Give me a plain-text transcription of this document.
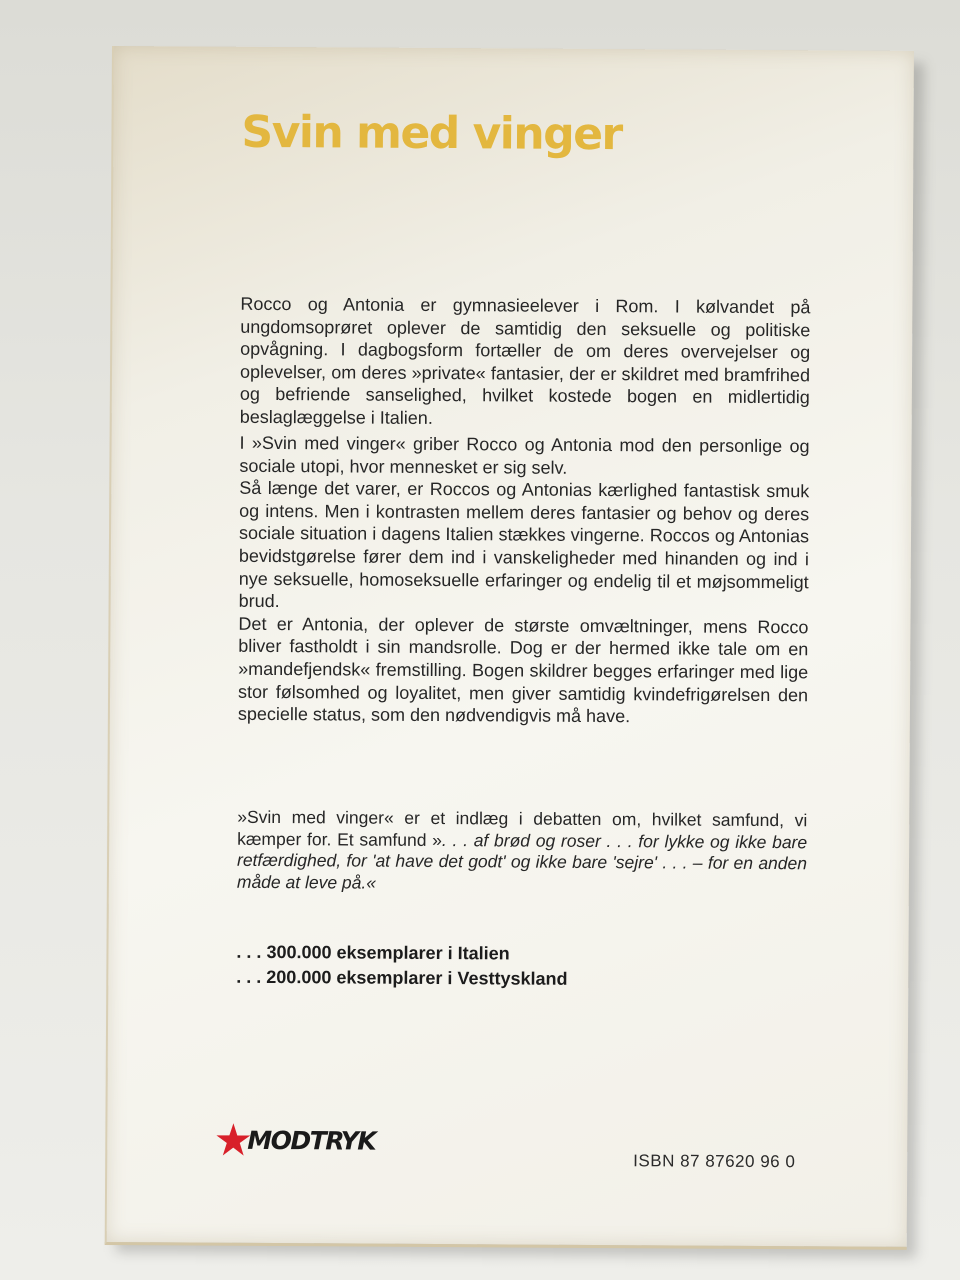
Svin med vinger

Rocco og Antonia er gymnasieelever i Rom. I kølvandet på ungdomsoprøret oplever de samtidig den seksuelle og politiske opvågning. I dagbogsform fortæller de om deres overvejelser og oplevelser, om deres »private« fantasier, der er skildret med bramfrihed og befriende sanselighed, hvilket kostede bogen en midlertidig beslaglæggelse i Italien.

I »Svin med vinger« griber Rocco og Antonia mod den personlige og sociale utopi, hvor mennesket er sig selv.
Så længe det varer, er Roccos og Antonias kærlighed fantastisk smuk og intens. Men i kontrasten mellem deres fantasier og behov og deres sociale situation i dagens Italien stækkes vingerne. Roccos og Antonias bevidstgørelse fører dem ind i vanskeligheder med hinanden og ind i nye seksuelle, homoseksuelle erfaringer og endelig til et møjsommeligt brud.
Det er Antonia, der oplever de største omvæltninger, mens Rocco bliver fastholdt i sin mandsrolle. Dog er der hermed ikke tale om en »mandefjendsk« fremstilling. Bogen skildrer begges erfaringer med lige stor følsomhed og loyalitet, men giver samtidig kvindefrigørelsen den specielle status, som den nødvendigvis må have.

»Svin med vinger« er et indlæg i debatten om, hvilket samfund, vi kæmper for. Et samfund ». . . af brød og roser . . . for lykke og ikke bare retfærdighed, for 'at have det godt' og ikke bare 'sejre' . . . – for en anden måde at leve på.«

. . . 300.000 eksemplarer i Italien
. . . 200.000 eksemplarer i Vesttyskland
MODTRYK
ISBN 87 87620 96 0
